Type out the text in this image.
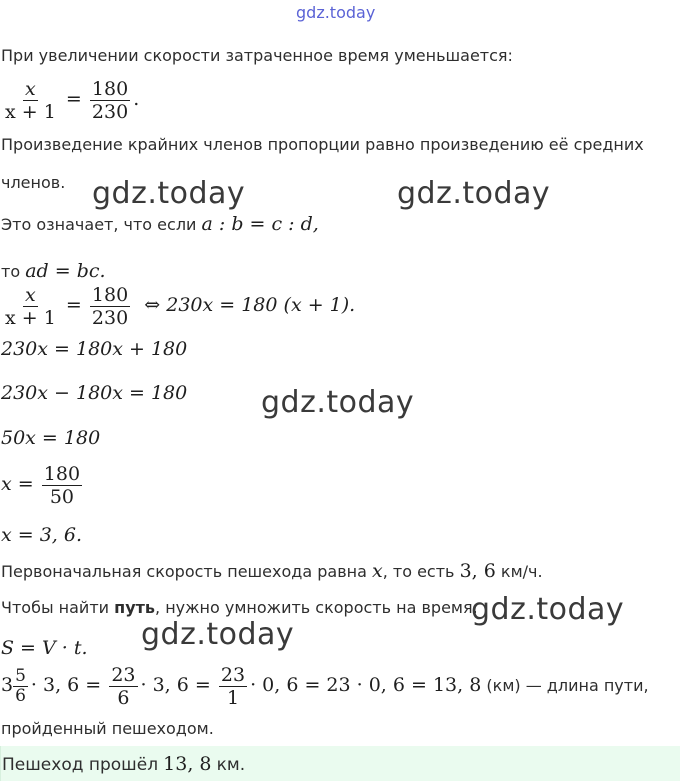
gdz.today
При увеличении скорости затраченное время уменьшается:
$\frac{x}{x + 1} = \frac{180}{230}$ .
Произведение крайних членов пропорции равно произведению её средних
членов.
Это означает, что если a : b = c : d,
то ad = bc.
$\frac{x}{x + 1} = \frac{180}{230}$ ⇔ 230x = 180 (x + 1).
230x = 180x + 180
230x − 180x = 180
50x = 180
$x = \frac{180}{50}$
x = 3, 6.
Первоначальная скорость пешехода равна x, то есть 3, 6 км/ч.
Чтобы найти путь, нужно умножить скорость на время.
S = V · t.
$3 \frac{5}{6} \cdot 3$, $6 = \frac{23}{6} \cdot 3$, $6 = \frac{23}{1} \cdot 0$, 6 = 23 · 0, 6 = 13, 8 (км) — длина пути,
пройденный пешеходом.
Пешеход прошёл 13, 8 км.
gdz.today	gdz.today
gdz.today
gdz.today
gdz.today
